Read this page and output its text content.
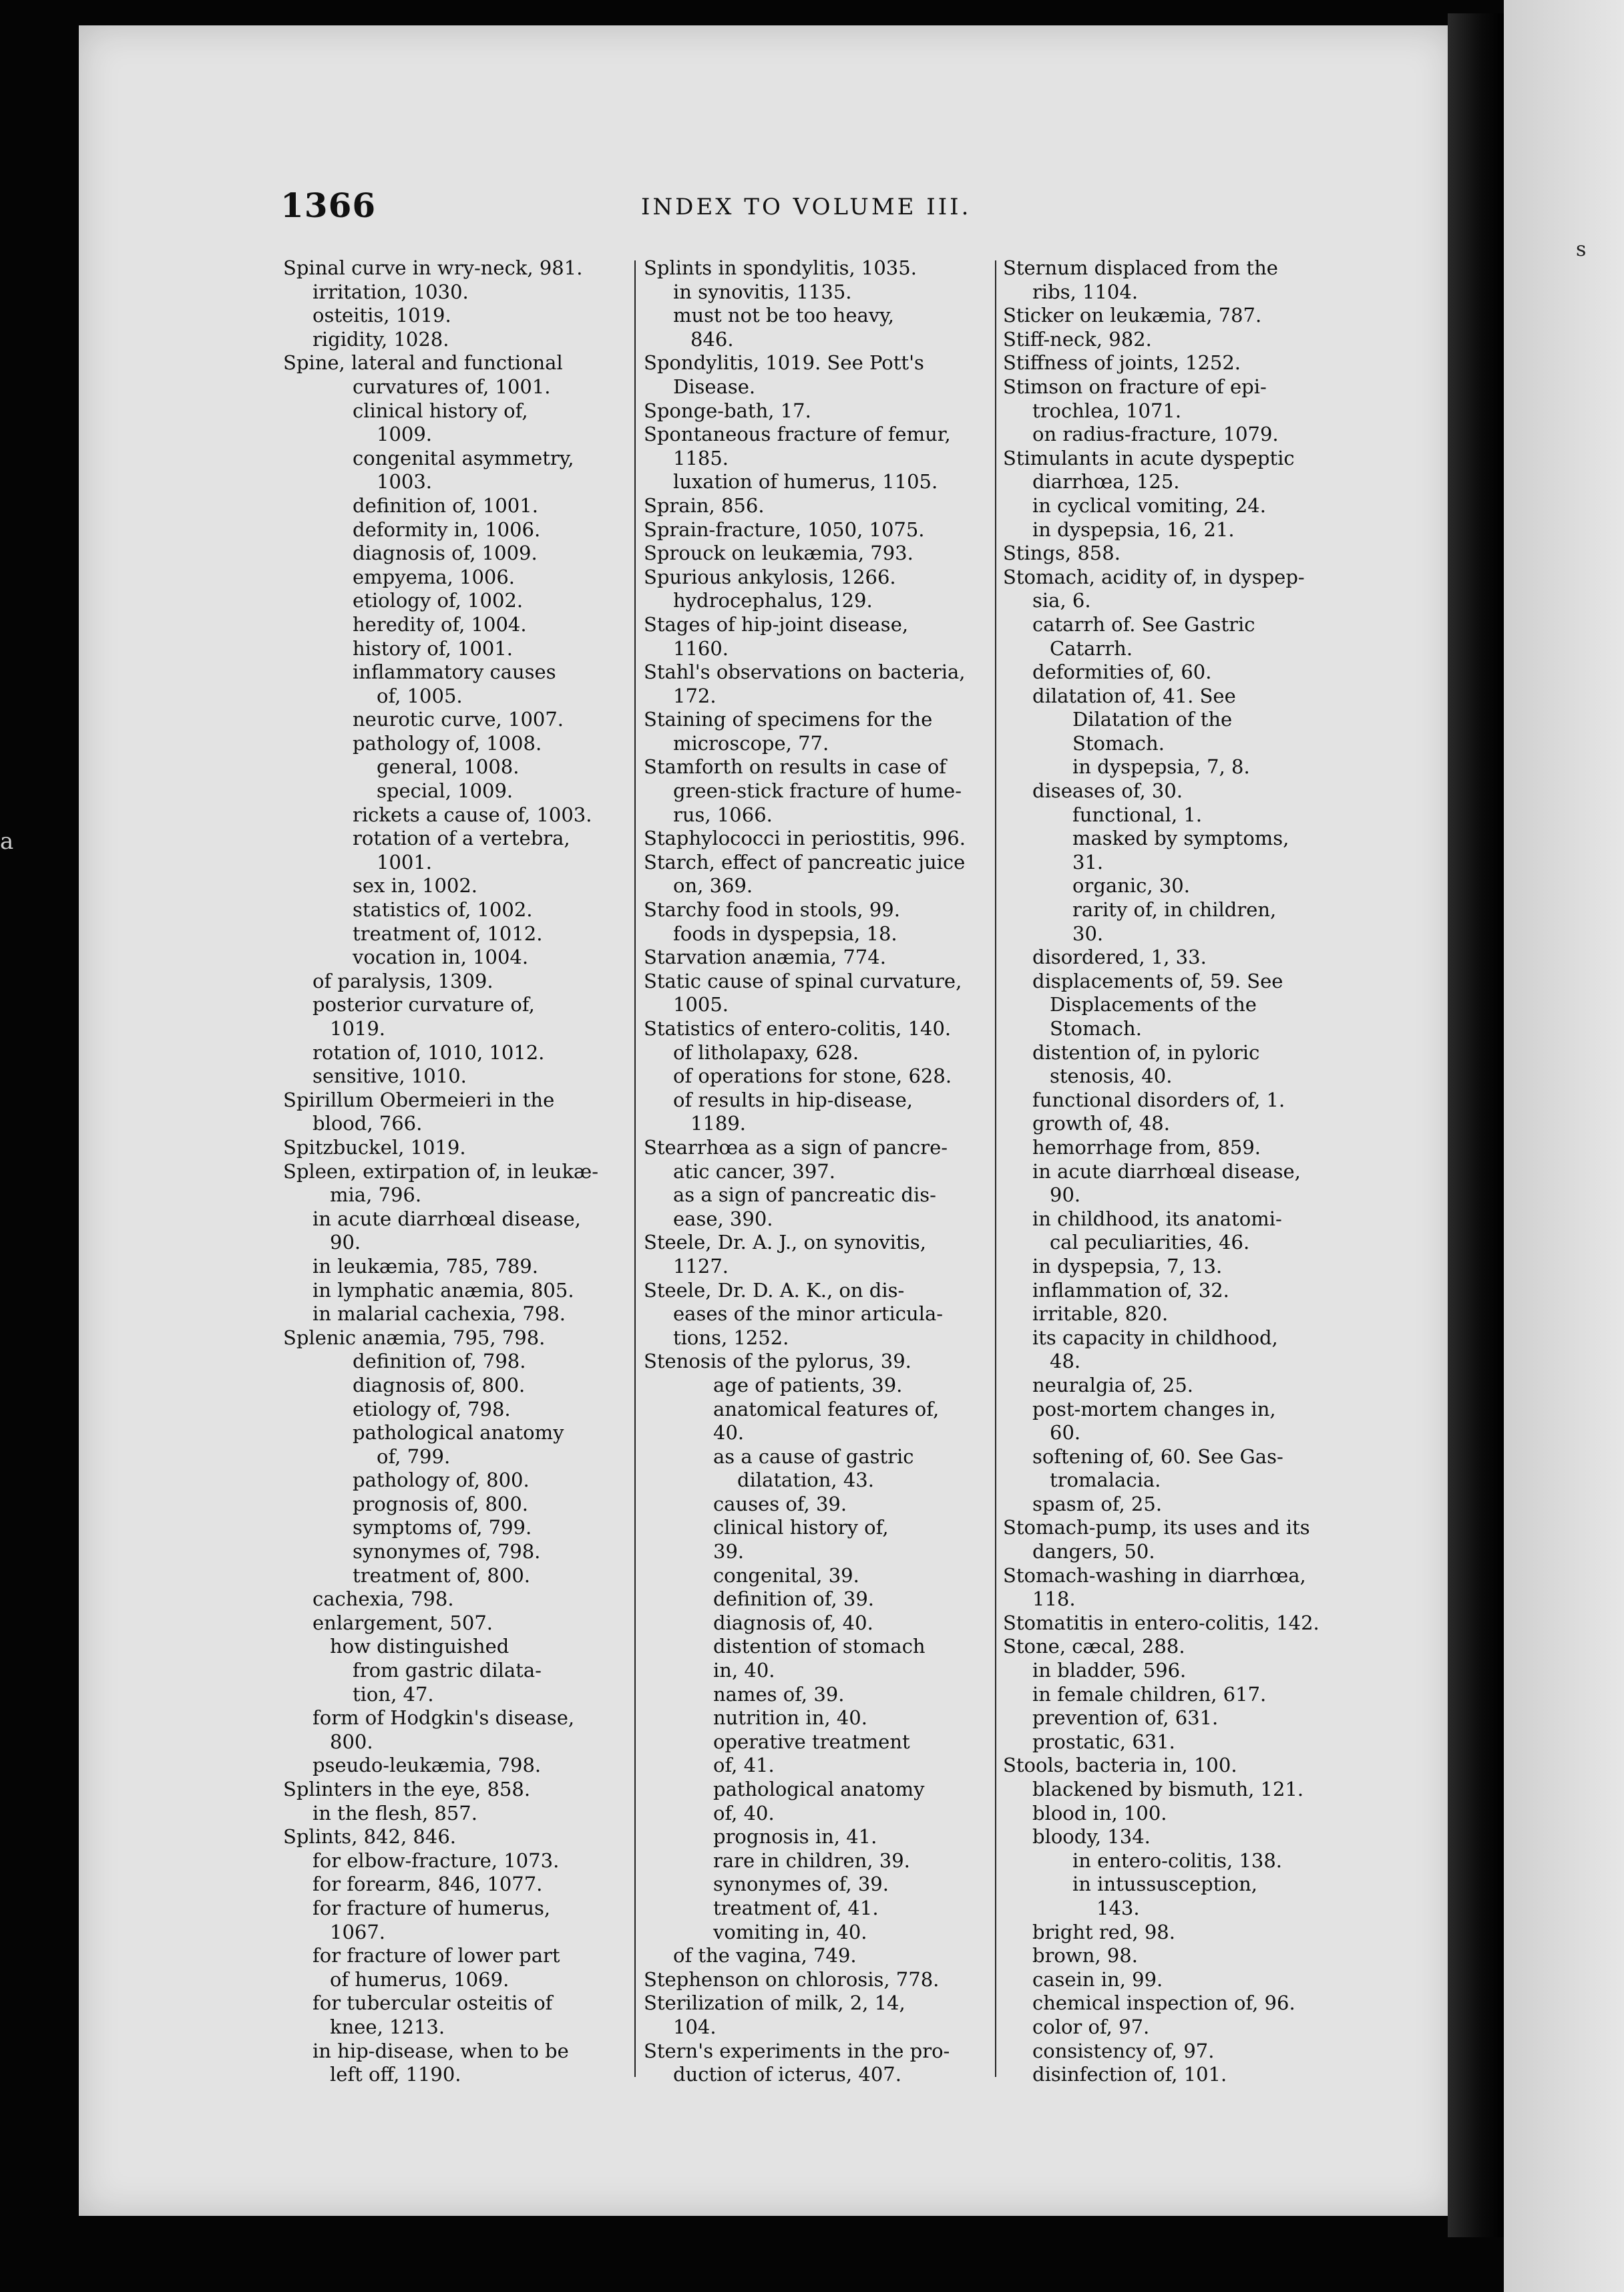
s
a
1366	INDEX TO VOLUME III.
Spinal curve in wry-neck, 981.
irritation, 1030.
osteitis, 1019.
rigidity, 1028.
Spine, lateral and functional
curvatures of, 1001.
clinical history of,
1009.
congenital asymmetry,
1003.
definition of, 1001.
deformity in, 1006.
diagnosis of, 1009.
empyema, 1006.
etiology of, 1002.
heredity of, 1004.
history of, 1001.
inflammatory causes
of, 1005.
neurotic curve, 1007.
pathology of, 1008.
general, 1008.
special, 1009.
rickets a cause of, 1003.
rotation of a vertebra,
1001.
sex in, 1002.
statistics of, 1002.
treatment of, 1012.
vocation in, 1004.
of paralysis, 1309.
posterior curvature of,
1019.
rotation of, 1010, 1012.
sensitive, 1010.
Spirillum Obermeieri in the
blood, 766.
Spitzbuckel, 1019.
Spleen, extirpation of, in leukæ-
mia, 796.
in acute diarrhœal disease,
90.
in leukæmia, 785, 789.
in lymphatic anæmia, 805.
in malarial cachexia, 798.
Splenic anæmia, 795, 798.
definition of, 798.
diagnosis of, 800.
etiology of, 798.
pathological anatomy
of, 799.
pathology of, 800.
prognosis of, 800.
symptoms of, 799.
synonymes of, 798.
treatment of, 800.
cachexia, 798.
enlargement, 507.
how distinguished
from gastric dilata-
tion, 47.
form of Hodgkin's disease,
800.
pseudo-leukæmia, 798.
Splinters in the eye, 858.
in the flesh, 857.
Splints, 842, 846.
for elbow-fracture, 1073.
for forearm, 846, 1077.
for fracture of humerus,
1067.
for fracture of lower part
of humerus, 1069.
for tubercular osteitis of
knee, 1213.
in hip-disease, when to be
left off, 1190.
Splints in spondylitis, 1035.
in synovitis, 1135.
must not be too heavy,
846.
Spondylitis, 1019. See Pott's
Disease.
Sponge-bath, 17.
Spontaneous fracture of femur,
1185.
luxation of humerus, 1105.
Sprain, 856.
Sprain-fracture, 1050, 1075.
Sprouck on leukæmia, 793.
Spurious ankylosis, 1266.
hydrocephalus, 129.
Stages of hip-joint disease,
1160.
Stahl's observations on bacteria,
172.
Staining of specimens for the
microscope, 77.
Stamforth on results in case of
green-stick fracture of hume-
rus, 1066.
Staphylococci in periostitis, 996.
Starch, effect of pancreatic juice
on, 369.
Starchy food in stools, 99.
foods in dyspepsia, 18.
Starvation anæmia, 774.
Static cause of spinal curvature,
1005.
Statistics of entero-colitis, 140.
of litholapaxy, 628.
of operations for stone, 628.
of results in hip-disease,
1189.
Stearrhœa as a sign of pancre-
atic cancer, 397.
as a sign of pancreatic dis-
ease, 390.
Steele, Dr. A. J., on synovitis,
1127.
Steele, Dr. D. A. K., on dis-
eases of the minor articula-
tions, 1252.
Stenosis of the pylorus, 39.
age of patients, 39.
anatomical features of,
40.
as a cause of gastric
dilatation, 43.
causes of, 39.
clinical history of,
39.
congenital, 39.
definition of, 39.
diagnosis of, 40.
distention of stomach
in, 40.
names of, 39.
nutrition in, 40.
operative treatment
of, 41.
pathological anatomy
of, 40.
prognosis in, 41.
rare in children, 39.
synonymes of, 39.
treatment of, 41.
vomiting in, 40.
of the vagina, 749.
Stephenson on chlorosis, 778.
Sterilization of milk, 2, 14,
104.
Stern's experiments in the pro-
duction of icterus, 407.
Sternum displaced from the
ribs, 1104.
Sticker on leukæmia, 787.
Stiff-neck, 982.
Stiffness of joints, 1252.
Stimson on fracture of epi-
trochlea, 1071.
on radius-fracture, 1079.
Stimulants in acute dyspeptic
diarrhœa, 125.
in cyclical vomiting, 24.
in dyspepsia, 16, 21.
Stings, 858.
Stomach, acidity of, in dyspep-
sia, 6.
catarrh of. See Gastric
Catarrh.
deformities of, 60.
dilatation of, 41. See
Dilatation of the
Stomach.
in dyspepsia, 7, 8.
diseases of, 30.
functional, 1.
masked by symptoms,
31.
organic, 30.
rarity of, in children,
30.
disordered, 1, 33.
displacements of, 59. See
Displacements of the
Stomach.
distention of, in pyloric
stenosis, 40.
functional disorders of, 1.
growth of, 48.
hemorrhage from, 859.
in acute diarrhœal disease,
90.
in childhood, its anatomi-
cal peculiarities, 46.
in dyspepsia, 7, 13.
inflammation of, 32.
irritable, 820.
its capacity in childhood,
48.
neuralgia of, 25.
post-mortem changes in,
60.
softening of, 60. See Gas-
tromalacia.
spasm of, 25.
Stomach-pump, its uses and its
dangers, 50.
Stomach-washing in diarrhœa,
118.
Stomatitis in entero-colitis, 142.
Stone, cæcal, 288.
in bladder, 596.
in female children, 617.
prevention of, 631.
prostatic, 631.
Stools, bacteria in, 100.
blackened by bismuth, 121.
blood in, 100.
bloody, 134.
in entero-colitis, 138.
in intussusception,
143.
bright red, 98.
brown, 98.
casein in, 99.
chemical inspection of, 96.
color of, 97.
consistency of, 97.
disinfection of, 101.
